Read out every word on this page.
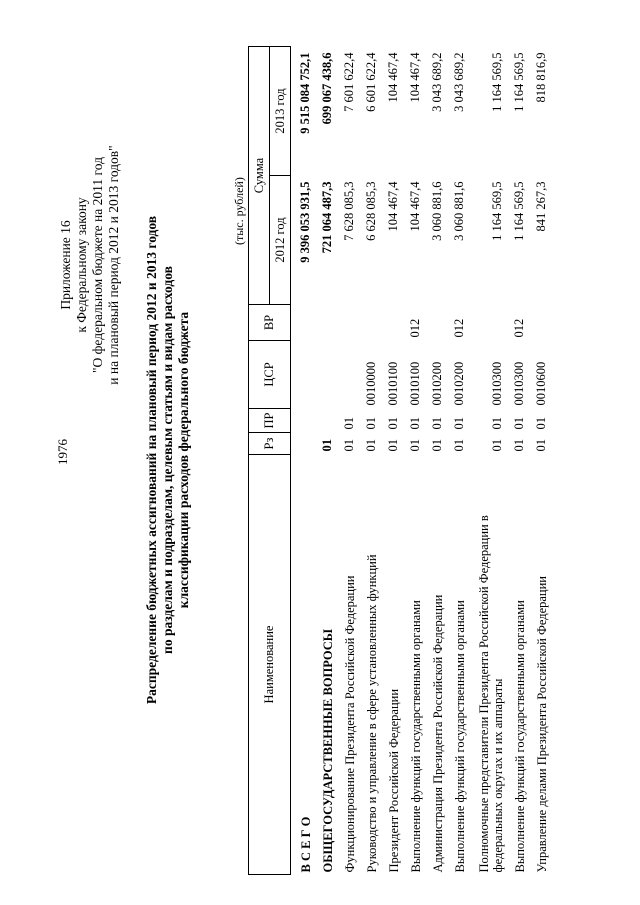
1976
Приложение 16 к Федеральному закону "О федеральном бюджете на 2011 год и на плановый период 2012 и 2013 годов" Распределение бюджетных ассигнований на плановый период 2012 и 2013 годов по разделам и подразделам, целевым статьям и видам расходов классификации расходов федерального бюджета
(тыс. рублей)
Наименование	Рз	ПР	ЦСР	ВР	Сумма	
					2012 год	2013 год
В С Е Г О					9 396 053 931,5	9 515 084 752,1
ОБЩЕГОСУДАРСТВЕННЫЕ ВОПРОСЫ	01				721 064 487,3	699 067 438,6
Функционирование Президента Российской Федерации	01	01			7 628 085,3	7 601 622,4
Руководство и управление в сфере установленных функций	01	01	0010000		6 628 085,3	6 601 622,4
Президент Российской Федерации	01	01	0010100		104 467,4	104 467,4
Выполнение функций государственными органами	01	01	0010100	012	104 467,4	104 467,4
Администрация Президента Российской Федерации	01	01	0010200		3 060 881,6	3 043 689,2
Выполнение функций государственными органами	01	01	0010200	012	3 060 881,6	3 043 689,2
Полномочные представители Президента Российской Федерации в федеральных округах и их аппараты	01	01	0010300		1 164 569,5	1 164 569,5
Выполнение функций государственными органами	01	01	0010300	012	1 164 569,5	1 164 569,5
Управление делами Президента Российской Федерации	01	01	0010600		841 267,3	818 816,9
